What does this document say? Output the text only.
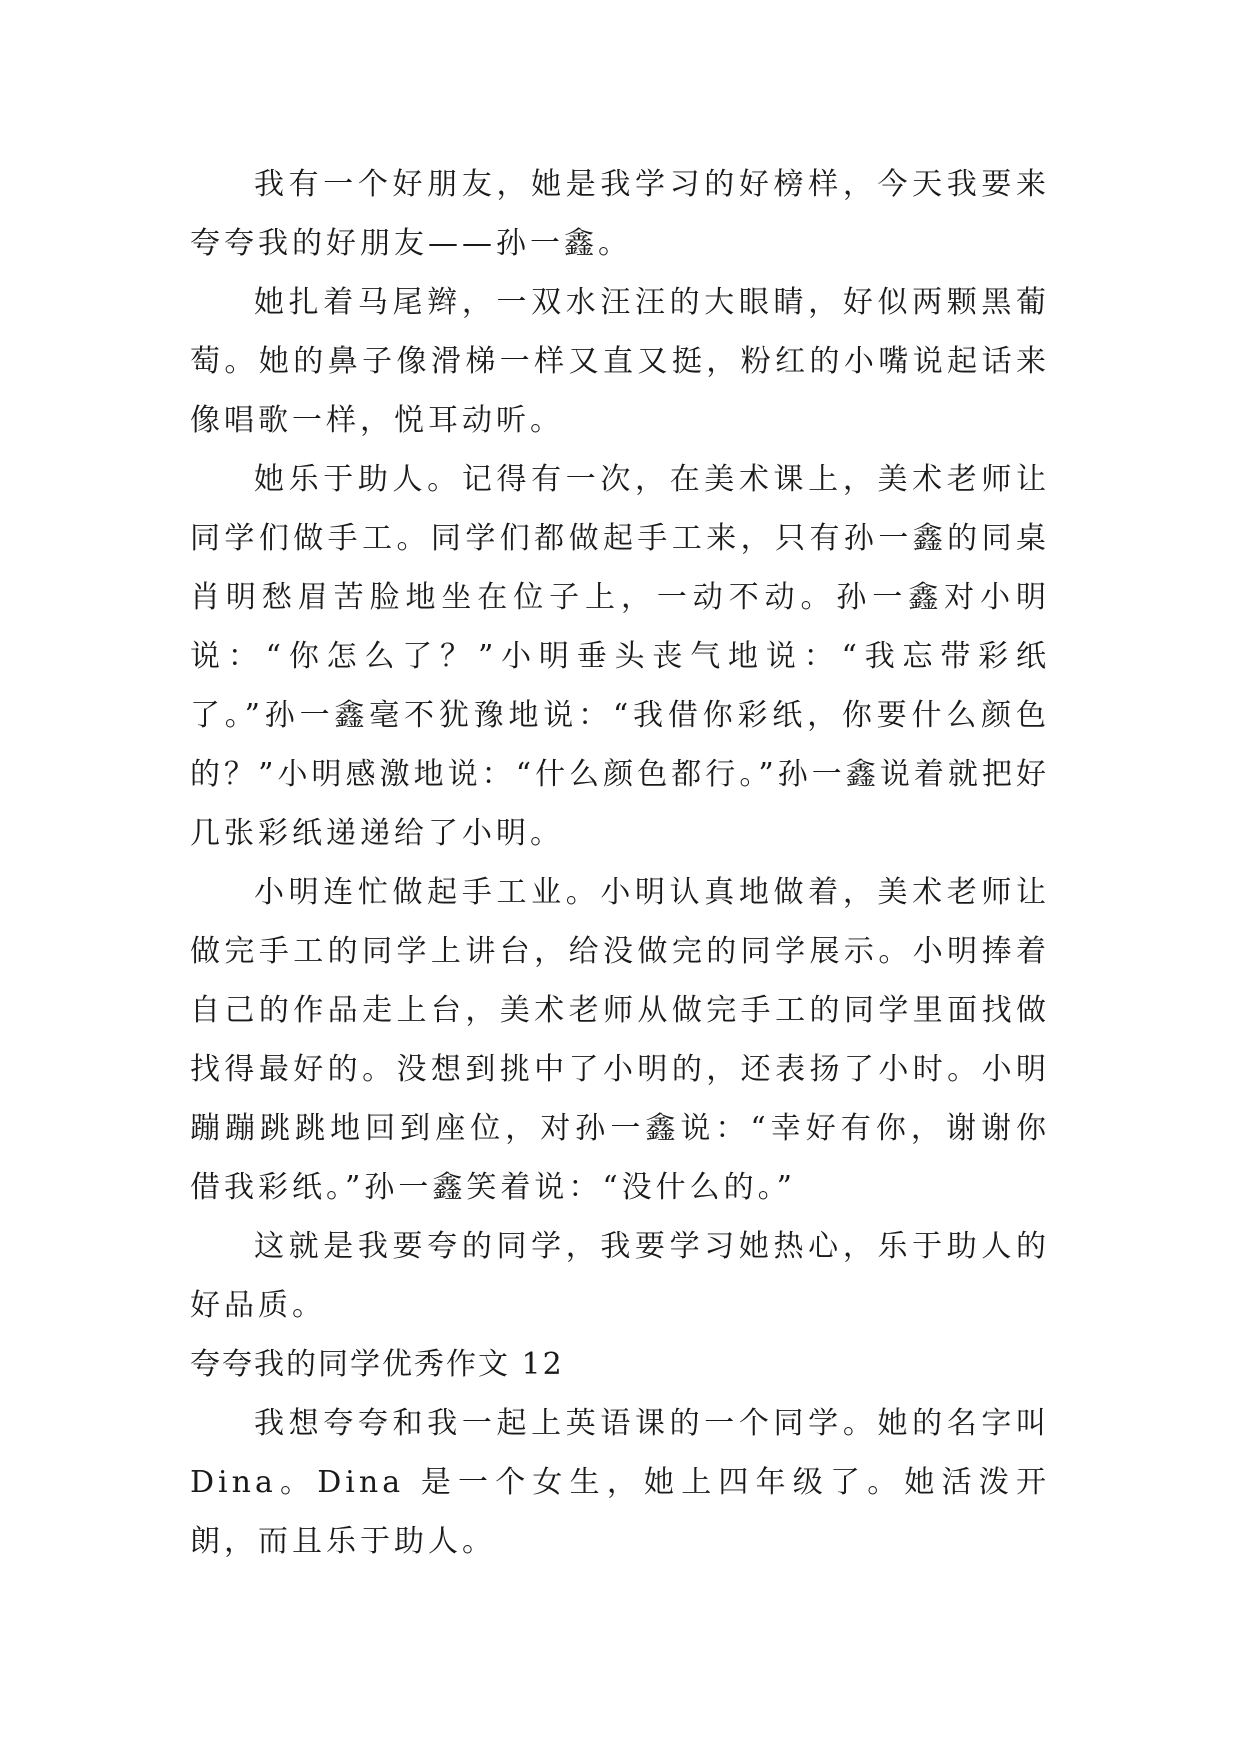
我有一个好朋友，她是我学习的好榜样，今天我要来夸夸我的好朋友——孙一鑫。

她扎着马尾辫，一双水汪汪的大眼睛，好似两颗黑葡萄。她的鼻子像滑梯一样又直又挺，粉红的小嘴说起话来像唱歌一样，悦耳动听。

她乐于助人。记得有一次，在美术课上，美术老师让同学们做手工。同学们都做起手工来，只有孙一鑫的同桌肖明愁眉苦脸地坐在位子上，一动不动。孙一鑫对小明说：“你怎么了？”小明垂头丧气地说：“我忘带彩纸了。”孙一鑫毫不犹豫地说：“我借你彩纸，你要什么颜色的？”小明感激地说：“什么颜色都行。”孙一鑫说着就把好几张彩纸递递给了小明。

小明连忙做起手工业。小明认真地做着，美术老师让做完手工的同学上讲台，给没做完的同学展示。小明捧着自己的作品走上台，美术老师从做完手工的同学里面找做找得最好的。没想到挑中了小明的，还表扬了小时。小明蹦蹦跳跳地回到座位，对孙一鑫说：“幸好有你，谢谢你借我彩纸。”孙一鑫笑着说：“没什么的。”

这就是我要夸的同学，我要学习她热心，乐于助人的好品质。

夸夸我的同学优秀作文 12

我想夸夸和我一起上英语课的一个同学。她的名字叫 Dina。Dina 是一个女生，她上四年级了。她活泼开朗，而且乐于助人。
